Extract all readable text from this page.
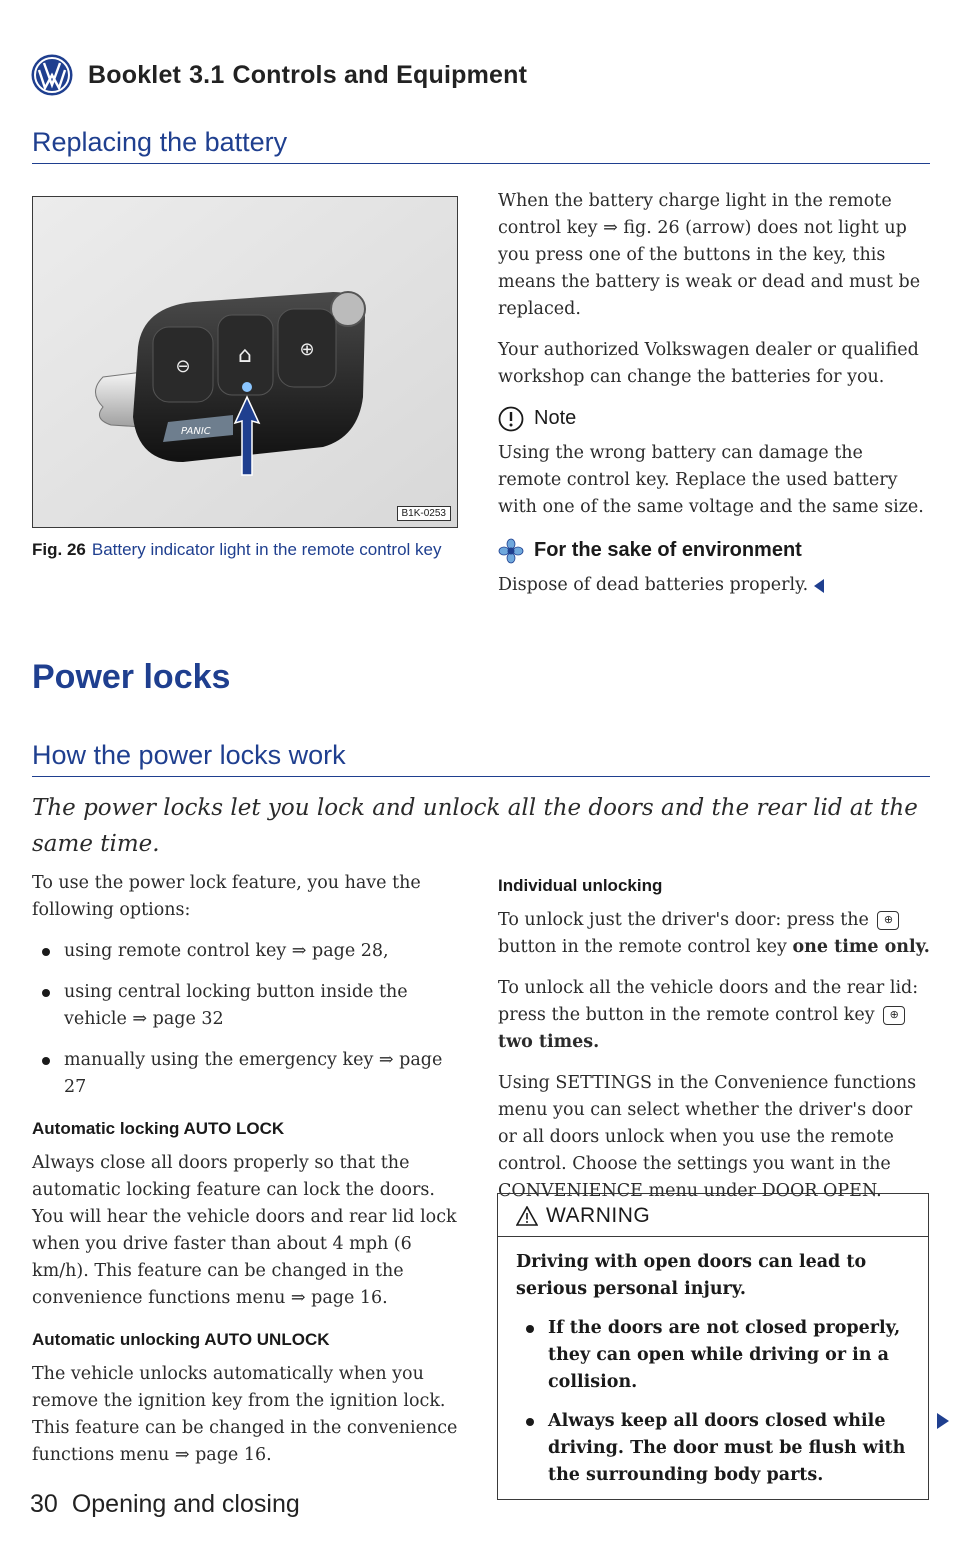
Booklet 3.1 Controls and Equipment
Replacing the battery
⊖ ⌂	⊕
PANIC
B1K-0253
Fig. 26 Battery indicator light in the remote control key

When the battery charge light in the remote control key ⇒ fig. 26 (arrow) does not light up you press one of the buttons in the key, this means the battery is weak or dead and must be replaced.

Your authorized Volkswagen dealer or qualified workshop can change the batteries for you.

Note

Using the wrong battery can damage the remote control key. Replace the used battery with one of the same voltage and the same size.

For the sake of environment

Dispose of dead batteries properly.

Power locks
How the power locks work
The power locks let you lock and unlock all the doors and the rear lid at the same time.

To use the power lock feature, you have the following options:

using remote control key ⇒ page 28,

using central locking button inside the vehicle ⇒ page 32

manually using the emergency key ⇒ page 27

Automatic locking AUTO LOCK

Always close all doors properly so that the automatic locking feature can lock the doors. You will hear the vehicle doors and rear lid lock when you drive faster than about 4 mph (6 km/h). This feature can be changed in the convenience functions menu ⇒ page 16.

Automatic unlocking AUTO UNLOCK

The vehicle unlocks automatically when you remove the ignition key from the ignition lock. This feature can be changed in the convenience functions menu ⇒ page 16.

Individual unlocking

To unlock just the driver's door: press the ⊕ button in the remote control key one time only.

To unlock all the vehicle doors and the rear lid: press the button in the remote control key ⊕ two times.

Using SETTINGS in the Convenience functions menu you can select whether the driver's door or all doors unlock when you use the remote control. Choose the settings you want in the CONVENIENCE menu under DOOR OPEN.

WARNING

Driving with open doors can lead to serious personal injury.

If the doors are not closed properly, they can open while driving or in a collision.

Always keep all doors closed while driving. The door must be flush with the surrounding body parts.

30 Opening and closing
